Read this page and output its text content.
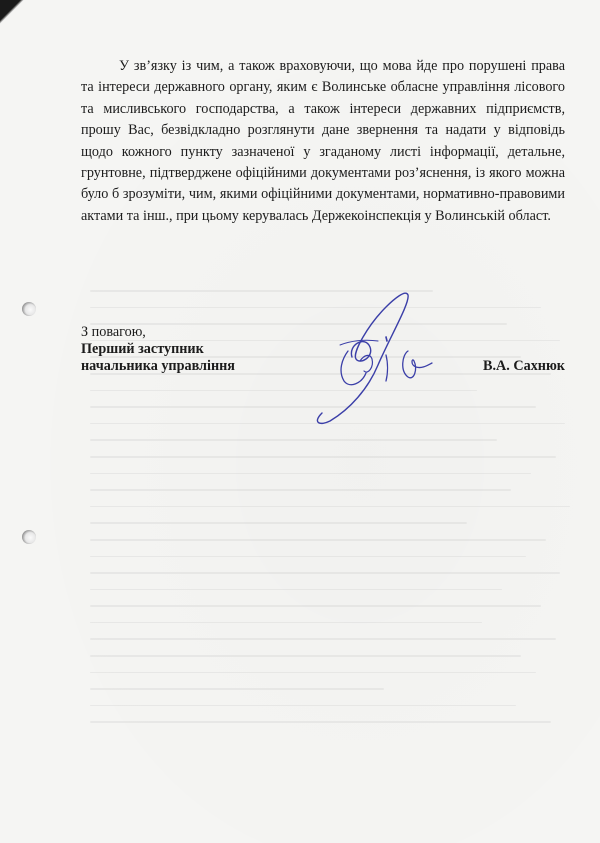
У зв’язку із чим, а також враховуючи, що мова йде про порушені права та інтереси державного органу, яким є Волинське обласне управління лісового та мисливського господарства, а також інтереси державних підприємств, прошу Вас, безвідкладно розглянути дане звернення та надати у відповідь щодо кожного пункту зазначеної у згаданому листі інформації, детальне, грунтовне, підтверджене офіційними документами роз’яснення, із якого можна було б зрозуміти, чим, якими офіційними документами, нормативно-правовими актами та інш., при цьому керувалась Держекоінспекція у Волинській област.

З повагою,
Перший заступник
начальника управління	В.А. Сахнюк
